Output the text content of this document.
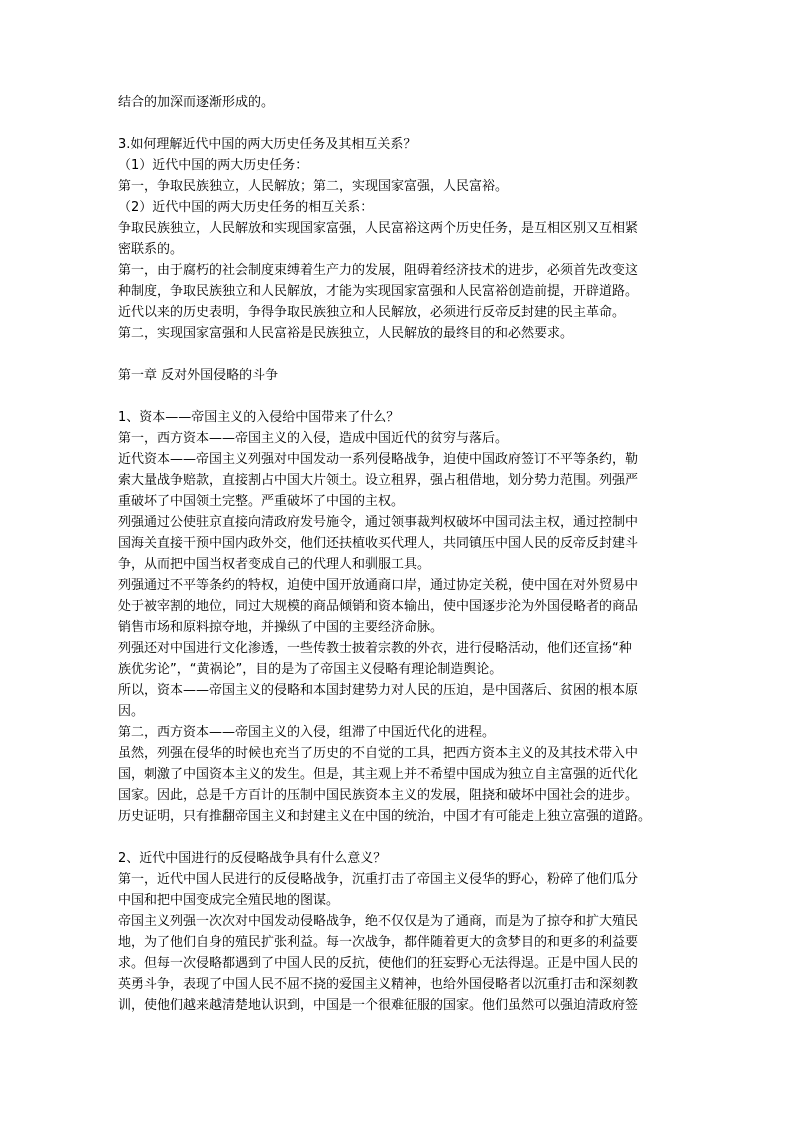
结合的加深而逐渐形成的。

3.如何理解近代中国的两大历史任务及其相互关系？

（1）近代中国的两大历史任务：

第一，争取民族独立，人民解放；第二，实现国家富强，人民富裕。

（2）近代中国的两大历史任务的相互关系：

争取民族独立，人民解放和实现国家富强，人民富裕这两个历史任务，是互相区别又互相紧

密联系的。

第一，由于腐朽的社会制度束缚着生产力的发展，阻碍着经济技术的进步，必须首先改变这

种制度，争取民族独立和人民解放，才能为实现国家富强和人民富裕创造前提，开辟道路。

近代以来的历史表明，争得争取民族独立和人民解放，必须进行反帝反封建的民主革命。

第二，实现国家富强和人民富裕是民族独立，人民解放的最终目的和必然要求。

第一章 反对外国侵略的斗争

1、资本——帝国主义的入侵给中国带来了什么？

第一，西方资本——帝国主义的入侵，造成中国近代的贫穷与落后。

近代资本——帝国主义列强对中国发动一系列侵略战争，迫使中国政府签订不平等条约，勒

索大量战争赔款，直接割占中国大片领土。设立租界，强占租借地，划分势力范围。列强严

重破坏了中国领土完整。严重破坏了中国的主权。

列强通过公使驻京直接向清政府发号施令，通过领事裁判权破坏中国司法主权，通过控制中

国海关直接干预中国内政外交，他们还扶植收买代理人，共同镇压中国人民的反帝反封建斗

争，从而把中国当权者变成自己的代理人和驯服工具。

列强通过不平等条约的特权，迫使中国开放通商口岸，通过协定关税，使中国在对外贸易中

处于被宰割的地位，同过大规模的商品倾销和资本输出，使中国逐步沦为外国侵略者的商品

销售市场和原料掠夺地，并操纵了中国的主要经济命脉。

列强还对中国进行文化渗透，一些传教士披着宗教的外衣，进行侵略活动，他们还宣扬“种

族优劣论”，“黄祸论”，目的是为了帝国主义侵略有理论制造舆论。

所以，资本——帝国主义的侵略和本国封建势力对人民的压迫，是中国落后、贫困的根本原

因。

第二，西方资本——帝国主义的入侵，组滞了中国近代化的进程。

虽然，列强在侵华的时候也充当了历史的不自觉的工具，把西方资本主义的及其技术带入中

国，刺激了中国资本主义的发生。但是，其主观上并不希望中国成为独立自主富强的近代化

国家。因此，总是千方百计的压制中国民族资本主义的发展，阻挠和破坏中国社会的进步。

历史证明，只有推翻帝国主义和封建主义在中国的统治，中国才有可能走上独立富强的道路。

2、近代中国进行的反侵略战争具有什么意义？

第一，近代中国人民进行的反侵略战争，沉重打击了帝国主义侵华的野心，粉碎了他们瓜分

中国和把中国变成完全殖民地的图谋。

帝国主义列强一次次对中国发动侵略战争，绝不仅仅是为了通商，而是为了掠夺和扩大殖民

地，为了他们自身的殖民扩张利益。每一次战争，都伴随着更大的贪梦目的和更多的利益要

求。但每一次侵略都遇到了中国人民的反抗，使他们的狂妄野心无法得逞。正是中国人民的

英勇斗争，表现了中国人民不屈不挠的爱国主义精神，也给外国侵略者以沉重打击和深刻教

训，使他们越来越清楚地认识到，中国是一个很难征服的国家。他们虽然可以强迫清政府签
